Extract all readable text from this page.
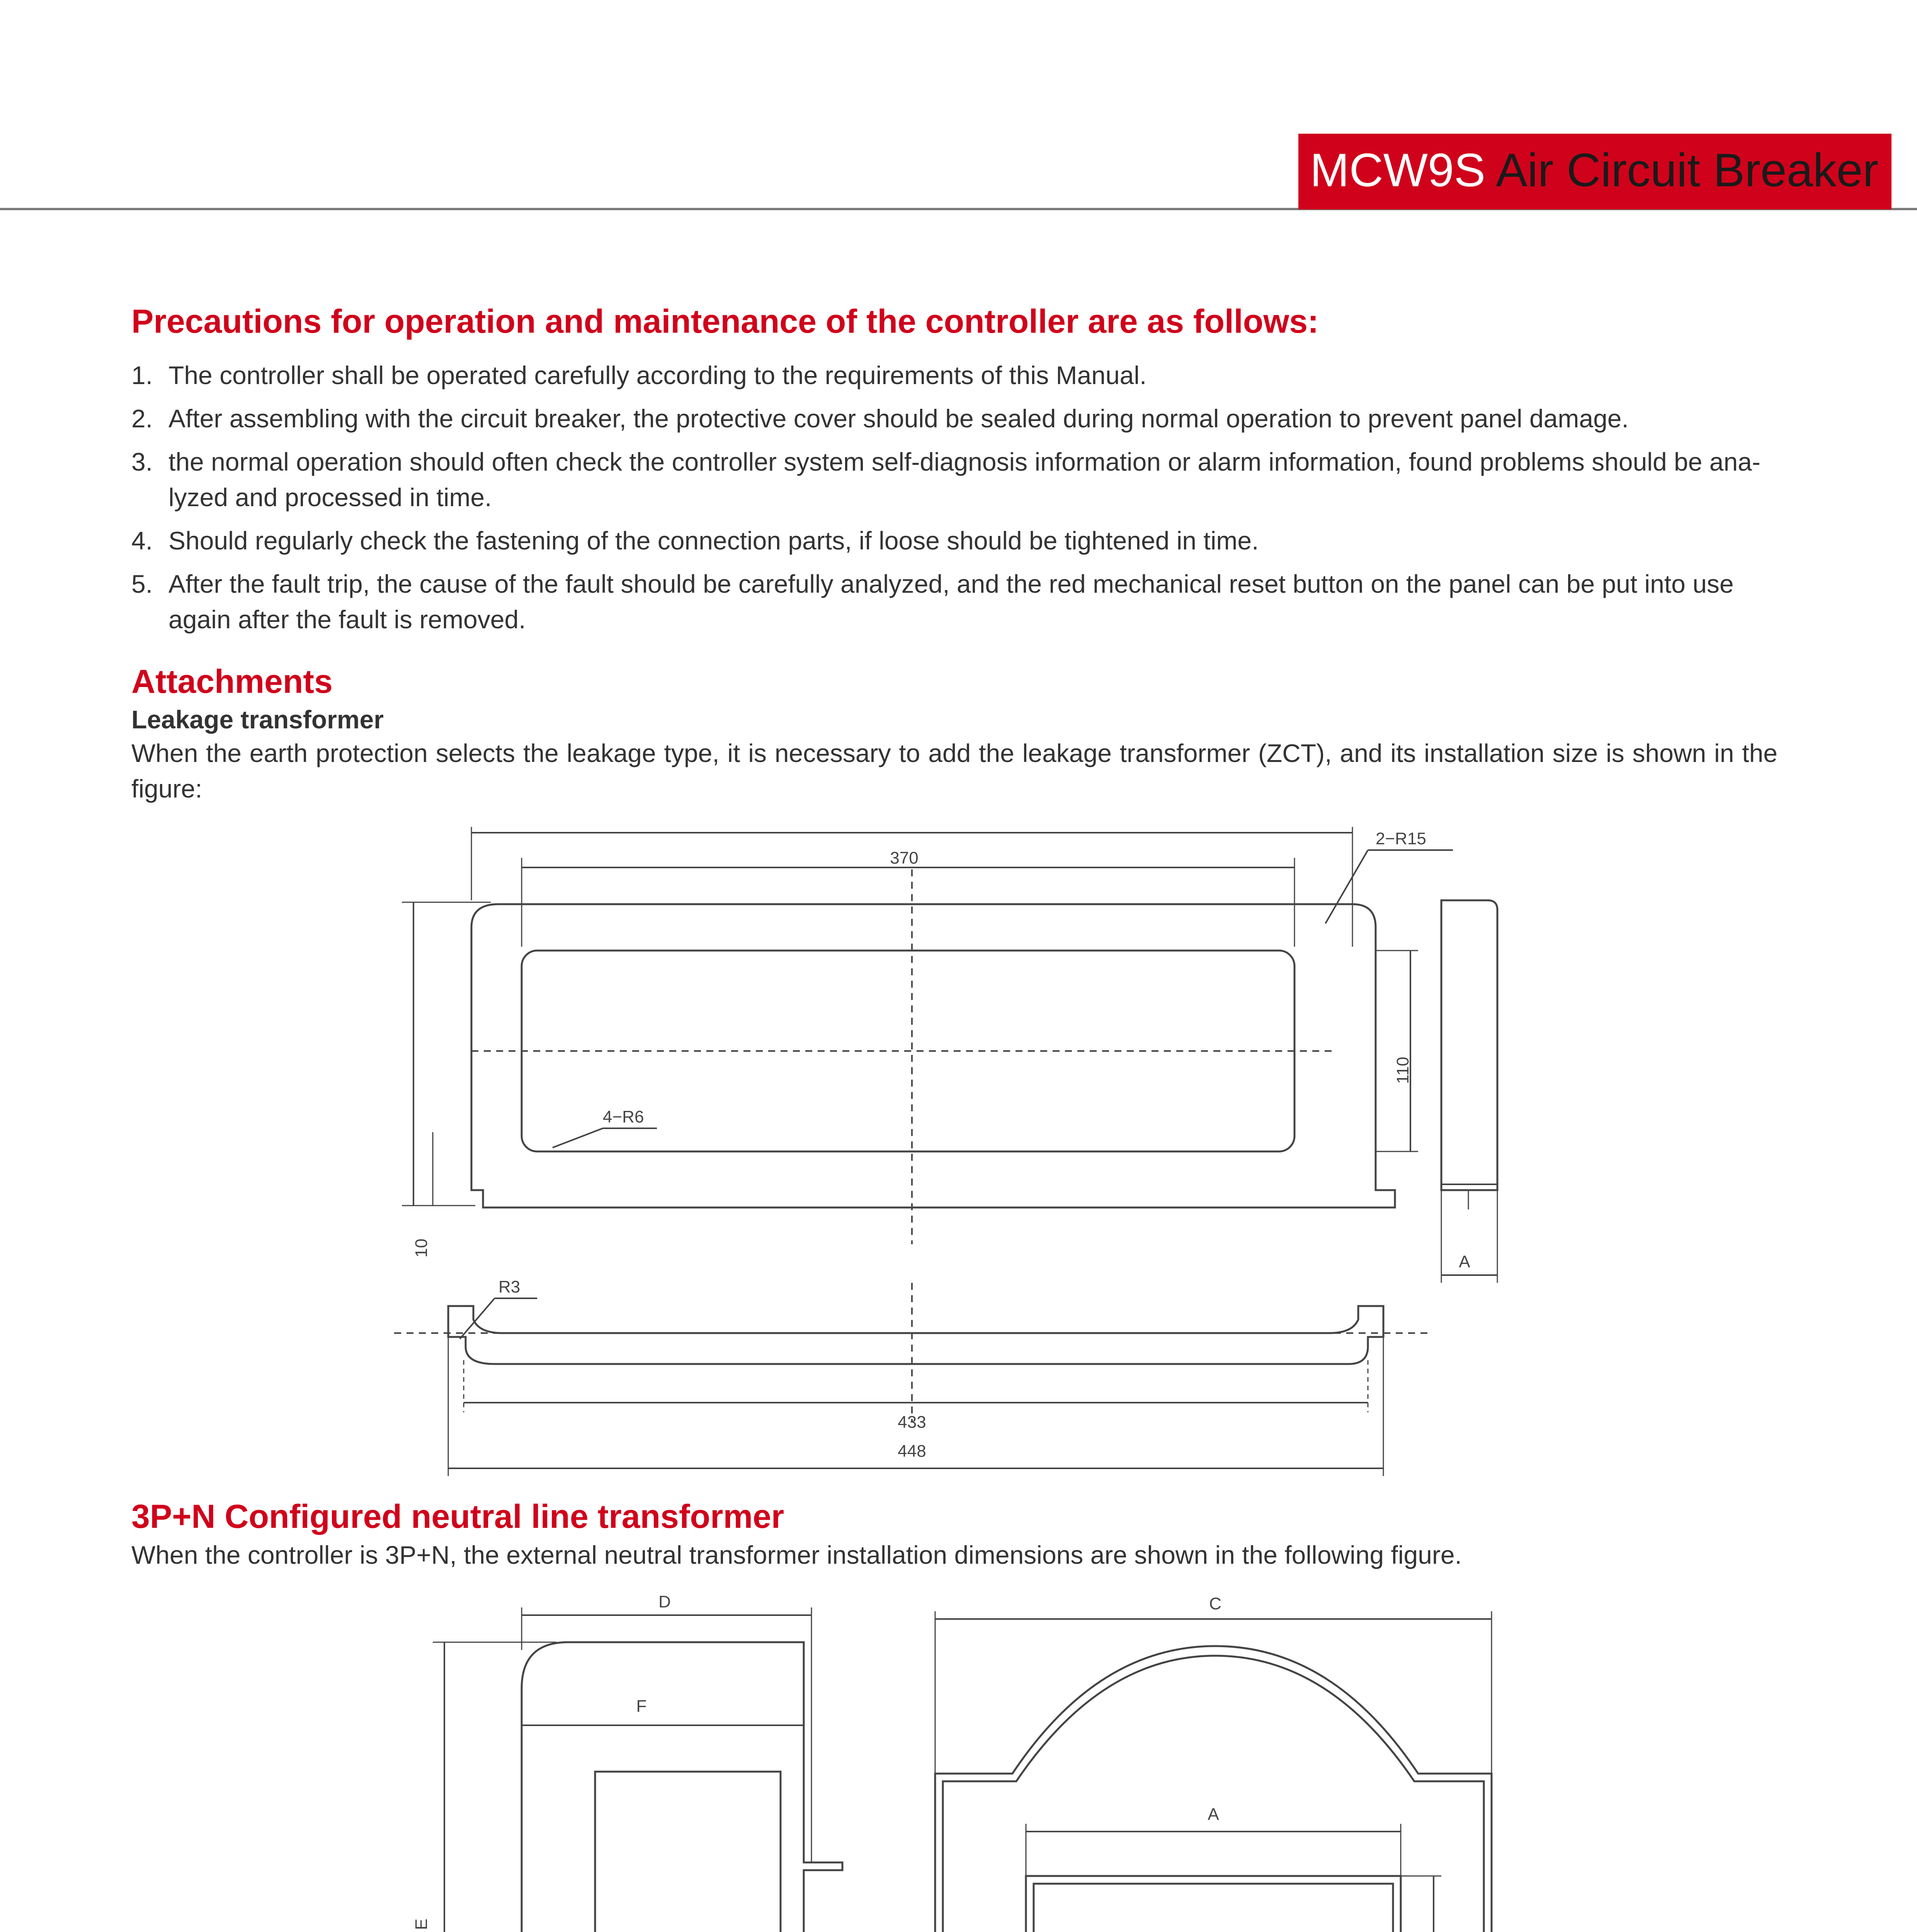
MCW9S Air Circuit Breaker
Precautions for operation and maintenance of the controller are as follows:
1. The controller shall be operated carefully according to the requirements of this Manual.
2. After assembling with the circuit breaker, the protective cover should be sealed during normal operation to prevent panel damage.
3. the normal operation should often check the controller system self-diagnosis information or alarm information, found problems should be ana-lyzed and processed in time.
4. Should regularly check the fastening of the connection parts, if loose should be tightened in time.
5. After the fault trip, the cause of the fault should be carefully analyzed, and the red mechanical reset button on the panel can be put into use again after the fault is removed.
Attachments
Leakage transformer

When the earth protection selects the leakage type, it is necessary to add the leakage transformer (ZCT), and its installation size is shown in the figure:

370
2−R15
110
4−R6
10
A
R3
433
448
3P+N Configured neutral line transformer

When the controller is 3P+N, the external neutral transformer installation dimensions are shown in the following figure.

D
F
E
C
A
